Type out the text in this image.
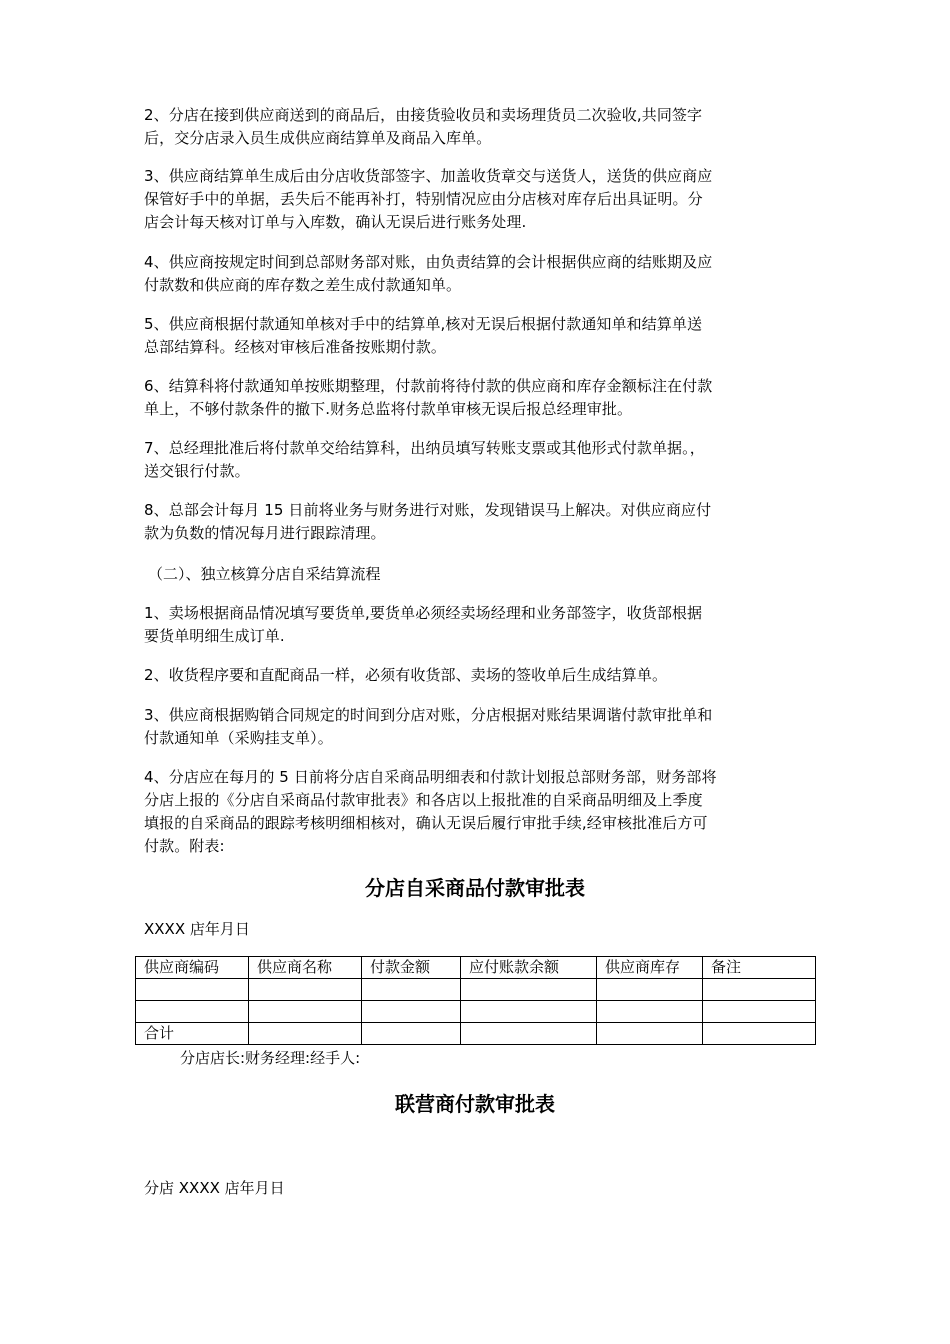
2、分店在接到供应商送到的商品后，由接货验收员和卖场理货员二次验收,共同签字
后，交分店录入员生成供应商结算单及商品入库单。
3、供应商结算单生成后由分店收货部签字、加盖收货章交与送货人，送货的供应商应
保管好手中的单据，丢失后不能再补打，特别情况应由分店核对库存后出具证明。分
店会计每天核对订单与入库数，确认无误后进行账务处理.
4、供应商按规定时间到总部财务部对账，由负责结算的会计根据供应商的结账期及应
付款数和供应商的库存数之差生成付款通知单。
5、供应商根据付款通知单核对手中的结算单,核对无误后根据付款通知单和结算单送
总部结算科。经核对审核后准备按账期付款。
6、结算科将付款通知单按账期整理，付款前将待付款的供应商和库存金额标注在付款
单上，不够付款条件的撤下.财务总监将付款单审核无误后报总经理审批。
7、总经理批准后将付款单交给结算科，出纳员填写转账支票或其他形式付款单据。，
送交银行付款。
8、总部会计每月 15 日前将业务与财务进行对账，发现错误马上解决。对供应商应付
款为负数的情况每月进行跟踪清理。

（二）、独立核算分店自采结算流程

1、卖场根据商品情况填写要货单,要货单必须经卖场经理和业务部签字，收货部根据
要货单明细生成订单.
2、收货程序要和直配商品一样，必须有收货部、卖场的签收单后生成结算单。
3、供应商根据购销合同规定的时间到分店对账，分店根据对账结果调谐付款审批单和
付款通知单（采购挂支单）。
4、分店应在每月的 5 日前将分店自采商品明细表和付款计划报总部财务部，财务部将
分店上报的《分店自采商品付款审批表》和各店以上报批准的自采商品明细及上季度
填报的自采商品的跟踪考核明细相核对，确认无误后履行审批手续,经审核批准后方可
付款。附表:

分店自采商品付款审批表

XXXX 店年月日

供应商编码	供应商名称	付款金额	应付账款余额	供应商库存	备注

合计					

分店店长:财务经理:经手人:

联营商付款审批表

分店 XXXX 店年月日
